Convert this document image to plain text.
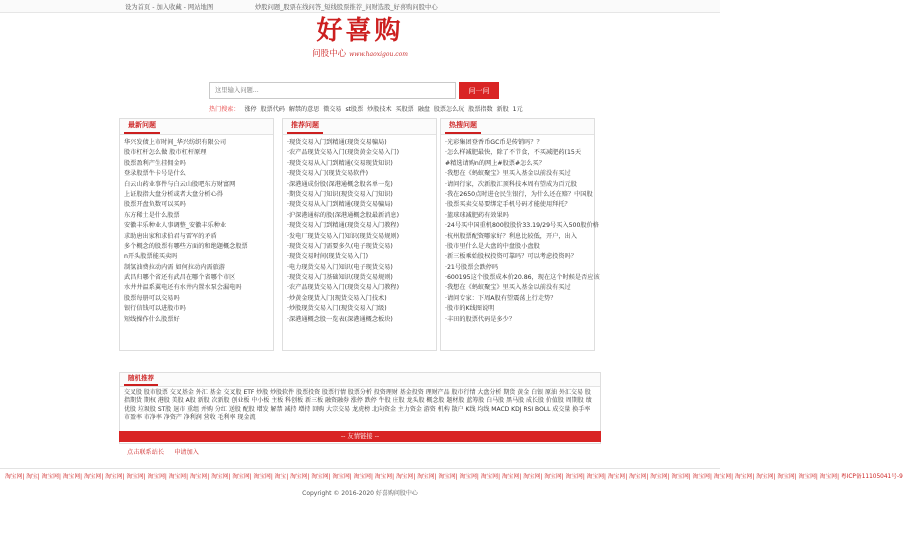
设为首页 - 加入收藏 - 网站地图	炒股问题_股票在线问答_短线股票推荐_问财选股_好喜购问股中心
好喜购
问股中心 www.haoxigou.com
这里输入问题...
问一问
热门搜索： 涨停 股票代码 解禁的意思 微交易 st股票 炒股技术 买股票 融盘 股票怎么玩 股票指数 新股 1元
最新问题
华兴发债上市时间_华兴纺织有限公司
股市杠杆怎么做 股市杠杆原理
股票盈利产生挂佣金吗
登录股票牛卡号是什么
白云山药业事件与白云山股吧东方财富网
上证股指大盘分析或者大盘分析心得
股票开盘负数可以买吗
东方稀土是什么股票
安徽丰乐种业人事调整_安徽丰乐种业
求助唐出家和求伯君与雷军的矛盾
多个概念的股票有哪些方面的和绝题概念股票
n开头股票能买卖吗
制氢油费拉动内需 如何拉动内需旅游
武昌归哪个省还有武昌在哪个省哪个市区
水井井温系翼电还有水井内置水泵会漏电吗
股票每册可以交易吗
银行信钱可以进股市吗
短线操作什么股票好
推荐问题
·现货交易入门到精通(现货交易骗局)
·农产品现货交易入门(现货黄金交易入门)
·现货交易从入门到精通(交易现货知识)
·现货交易入门(现货交易软件)
·深港通成份股(深港通概念股名单一览)
·期货交易入门知识(现货交易入门知识)
·现货交易从入门到精通(现货交易骗局)
·沪深港通标的股(深港通概念股最新消息)
·现货交易入门到精通(现货交易入门教程)
·发电厂现货交易入门知识(现货交易规则)
·现货交易入门需要多久(电子现货交易)
·现货交易时间(现货交易入门)
·电力现货交易入门知识(电子现货交易)
·现货交易入门基础知识(现货交易规则)
·农产品现货交易入门(现货交易入门教程)
·炒黄金现货入门(现货交易入门技术)
·炒股现货交易入门(现货交易入门级)
·深港通概念股一览表(深港通概念板块)
热搜问题
·光彩集团登香币GC币是传销吗？？
·怎么样减肥最快，除了不节食，不买减肥药(15天
#精选请购n的网上#股票#怎么买？
·我想在《蚂蚁聚宝》里买入基金以前没有买过
·请问行家，次新股汇顶科技本周有望成为百元股
·我在2650点时进仓民生银行，为什么还在赔？中国股
·股票买卖交易要绑定手机号码才能使用拜托？
·篮球球减肥药有效果吗
·24号买中国重机800股股价33.19/29号买入500股价格
·杭州股票配资哪家好？利息比较低，开户，出入
·股市里什么是大盘的中盘股小盘股
·新三板乘始股权投资可靠吗？可以考虑投资吗？
·21号股票会跌停吗
·600195这个股票成本价20.86，现在这个时候是否应该
·我想在《蚂蚁聚宝》里买入基金以前没有买过
·请问专家：下周A股有望震荡上行走势？
·股市的K线图说明
·丰田的股票代码是多少？
随机推荐
交叉股 股市股票 交叉基金 外汇 基金 交叉股 ETF 炒股 炒股软件 股票投资 股票行情 股票分析 投资理财 基金投资 理财产品 股市行情 大盘分析 期货 黄金 白银 原油 外汇交易 股指期货 期权 港股 美股 A股 新股 次新股 创业板 中小板 主板 科创板 新三板 融资融券 涨停 跌停 牛股 庄股 龙头股 概念股 题材股 蓝筹股 白马股 黑马股 成长股 价值股 周期股 绩优股 垃圾股 ST股 退市 重组 并购 分红 送股 配股 增发 解禁 减持 增持 回购 大宗交易 龙虎榜 北向资金 主力资金 游资 机构 散户 K线 均线 MACD KDJ RSI BOLL 成交量 换手率 市盈率 市净率 净资产 净利润 营收 毛利率 现金流
-- 友情链接 --
点击联系站长 申请加入
淘宝网| 淘宝| 淘宝网| 淘宝网| 淘宝网| 淘宝网| 淘宝网| 淘宝网| 淘宝网| 淘宝网| 淘宝网| 淘宝网| 淘宝网| 淘宝| 淘宝网| 淘宝网| 淘宝网| 淘宝网| 淘宝网| 淘宝网| 淘宝网| 淘宝网| 淘宝网| 淘宝网| 淘宝网| 淘宝网| 淘宝网| 淘宝网| 淘宝网| 淘宝网| 淘宝网| 淘宝网| 淘宝网| 淘宝网| 淘宝网| 淘宝网| 淘宝网| 淘宝网| 淘宝网| 淘宝网| 粤ICP备11105041号-9
Copyright © 2016-2020 好喜购问股中心
